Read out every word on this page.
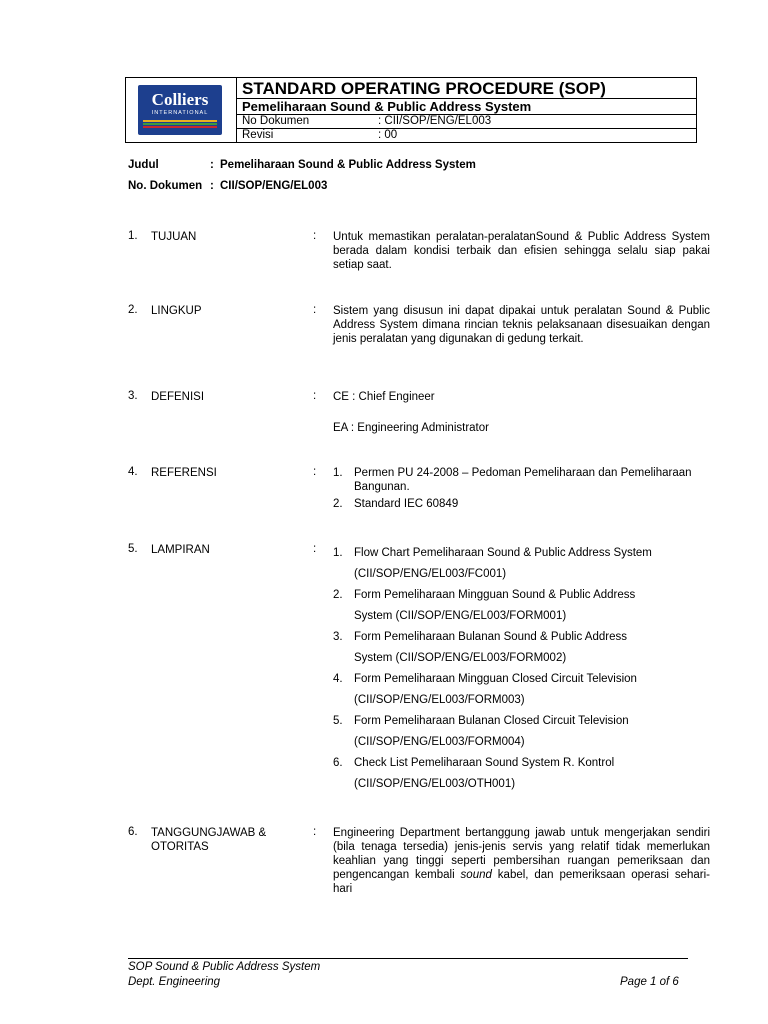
Colliers
INTERNATIONAL
STANDARD OPERATING PROCEDURE (SOP)
Pemeliharaan Sound & Public Address System
No Dokumen	: CII/SOP/ENG/EL003
Revisi	: 00
Judul	: Pemeliharaan Sound & Public Address System
No. Dokumen : CII/SOP/ENG/EL003
1. TUJUAN	: Untuk memastikan peralatan-peralatanSound & Public Address System berada dalam kondisi terbaik dan efisien sehingga selalu siap pakai setiap saat.
2. LINGKUP	: Sistem yang disusun ini dapat dipakai untuk peralatan Sound & Public Address System dimana rincian teknis pelaksanaan disesuaikan dengan jenis peralatan yang digunakan di gedung terkait.
3. DEFENISI	: CE : Chief Engineer
EA : Engineering Administrator
4. REFERENSI	: 1. Permen PU 24-2008 – Pedoman Pemeliharaan dan Pemeliharaan Bangunan.
2. Standard IEC 60849
5. LAMPIRAN	: 1. Flow Chart Pemeliharaan Sound & Public Address System
(CII/SOP/ENG/EL003/FC001)
2. Form Pemeliharaan Mingguan Sound & Public Address
System (CII/SOP/ENG/EL003/FORM001)
3. Form Pemeliharaan Bulanan Sound & Public Address
System (CII/SOP/ENG/EL003/FORM002)
4. Form Pemeliharaan Mingguan Closed Circuit Television
(CII/SOP/ENG/EL003/FORM003)
5. Form Pemeliharaan Bulanan Closed Circuit Television
(CII/SOP/ENG/EL003/FORM004)
6. Check List Pemeliharaan Sound System R. Kontrol
(CII/SOP/ENG/EL003/OTH001)
6. TANGGUNGJAWAB &
OTORITAS
: Engineering Department bertanggung jawab untuk mengerjakan sendiri (bila tenaga tersedia) jenis-jenis servis yang relatif tidak memerlukan keahlian yang tinggi seperti pembersihan ruangan pemeriksaan dan pengencangan kembali sound kabel, dan pemeriksaan operasi sehari-hari
SOP Sound & Public Address System
Dept. Engineering	Page 1 of 6
